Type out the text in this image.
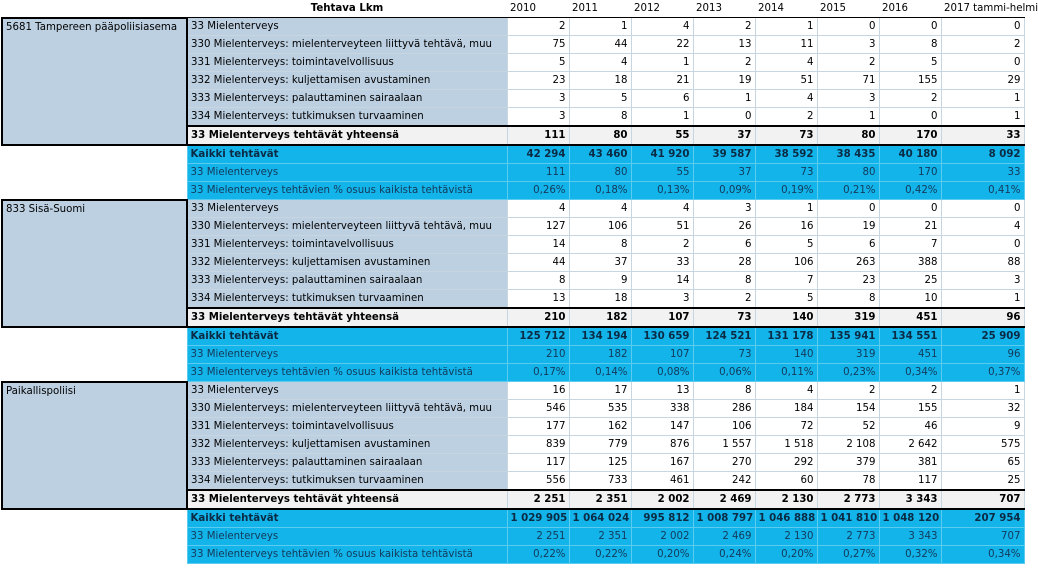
	Tehtava Lkm	2010	2011	2012	2013	2014	2015	2016	2017 tammi-helmi
5681 Tampereen pääpoliisiasema	33 Mielenterveys	2	1	4	2	1	0	0	0
	330 Mielenterveys: mielenterveyteen liittyvä tehtävä, muu	75	44	22	13	11	3	8	2
	331 Mielenterveys: toimintavelvollisuus	5	4	1	2	4	2	5	0
	332 Mielenterveys: kuljettamisen avustaminen	23	18	21	19	51	71	155	29
	333 Mielenterveys: palauttaminen sairaalaan	3	5	6	1	4	3	2	1
	334 Mielenterveys: tutkimuksen turvaaminen	3	8	1	0	2	1	0	1
	33 Mielenterveys tehtävät yhteensä	111	80	55	37	73	80	170	33
	Kaikki tehtävät	42 294	43 460	41 920	39 587	38 592	38 435	40 180	8 092
	33 Mielenterveys	111	80	55	37	73	80	170	33
	33 Mielenterveys tehtävien % osuus kaikista tehtävistä	0,26%	0,18%	0,13%	0,09%	0,19%	0,21%	0,42%	0,41%
833 Sisä-Suomi	33 Mielenterveys	4	4	4	3	1	0	0	0
	330 Mielenterveys: mielenterveyteen liittyvä tehtävä, muu	127	106	51	26	16	19	21	4
	331 Mielenterveys: toimintavelvollisuus	14	8	2	6	5	6	7	0
	332 Mielenterveys: kuljettamisen avustaminen	44	37	33	28	106	263	388	88
	333 Mielenterveys: palauttaminen sairaalaan	8	9	14	8	7	23	25	3
	334 Mielenterveys: tutkimuksen turvaaminen	13	18	3	2	5	8	10	1
	33 Mielenterveys tehtävät yhteensä	210	182	107	73	140	319	451	96
	Kaikki tehtävät	125 712	134 194	130 659	124 521	131 178	135 941	134 551	25 909
	33 Mielenterveys	210	182	107	73	140	319	451	96
	33 Mielenterveys tehtävien % osuus kaikista tehtävistä	0,17%	0,14%	0,08%	0,06%	0,11%	0,23%	0,34%	0,37%
Paikallispoliisi	33 Mielenterveys	16	17	13	8	4	2	2	1
	330 Mielenterveys: mielenterveyteen liittyvä tehtävä, muu	546	535	338	286	184	154	155	32
	331 Mielenterveys: toimintavelvollisuus	177	162	147	106	72	52	46	9
	332 Mielenterveys: kuljettamisen avustaminen	839	779	876	1 557	1 518	2 108	2 642	575
	333 Mielenterveys: palauttaminen sairaalaan	117	125	167	270	292	379	381	65
	334 Mielenterveys: tutkimuksen turvaaminen	556	733	461	242	60	78	117	25
	33 Mielenterveys tehtävät yhteensä	2 251	2 351	2 002	2 469	2 130	2 773	3 343	707
	Kaikki tehtävät	1 029 905	1 064 024	995 812	1 008 797	1 046 888	1 041 810	1 048 120	207 954
	33 Mielenterveys	2 251	2 351	2 002	2 469	2 130	2 773	3 343	707
	33 Mielenterveys tehtävien % osuus kaikista tehtävistä	0,22%	0,22%	0,20%	0,24%	0,20%	0,27%	0,32%	0,34%
